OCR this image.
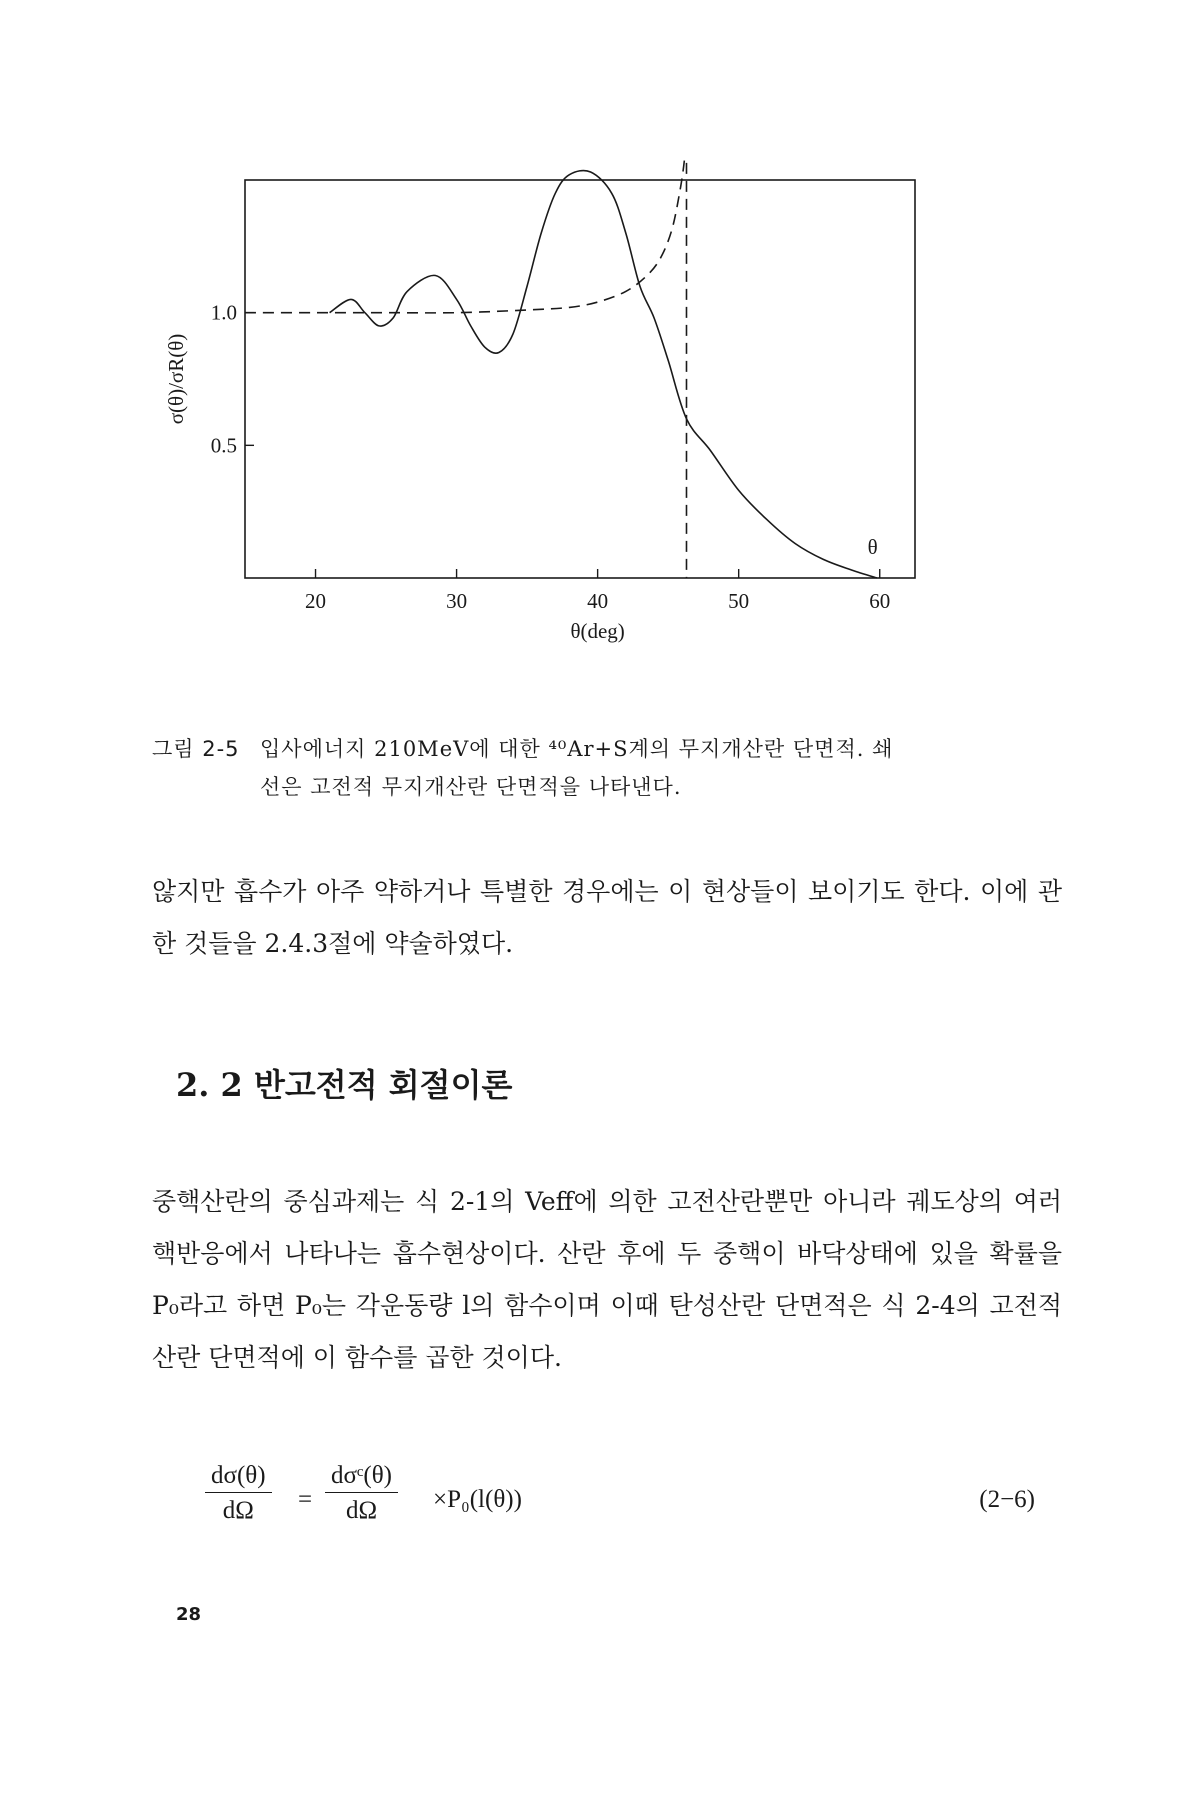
20	30	40	50	60
0.5
1.0
θ(deg)
σ(θ)/σR(θ)
θ
그림 2-5 입사에너지 210MeV에 대한 ⁴⁰Ar+S계의 무지개산란 단면적. 쇄
선은 고전적 무지개산란 단면적을 나타낸다.
않지만 흡수가 아주 약하거나 특별한 경우에는 이 현상들이 보이기도 한다. 이에 관한 것들을 2.4.3절에 약술하였다.
2. 2 반고전적 회절이론
중핵산란의 중심과제는 식 2-1의 Veff에 의한 고전산란뿐만 아니라 궤도상의 여러 핵반응에서 나타나는 흡수현상이다. 산란 후에 두 중핵이 바닥상태에 있을 확률을 P₀라고 하면 P₀는 각운동량 l의 함수이며 이때 탄성산란 단면적은 식 2-4의 고전적 산란 단면적에 이 함수를 곱한 것이다.
$\frac{d\sigma(\theta)}{d\Omega}$ =
dσᶜ(θ)
dΩ	×P₀(l(θ))	(2−6)
28
